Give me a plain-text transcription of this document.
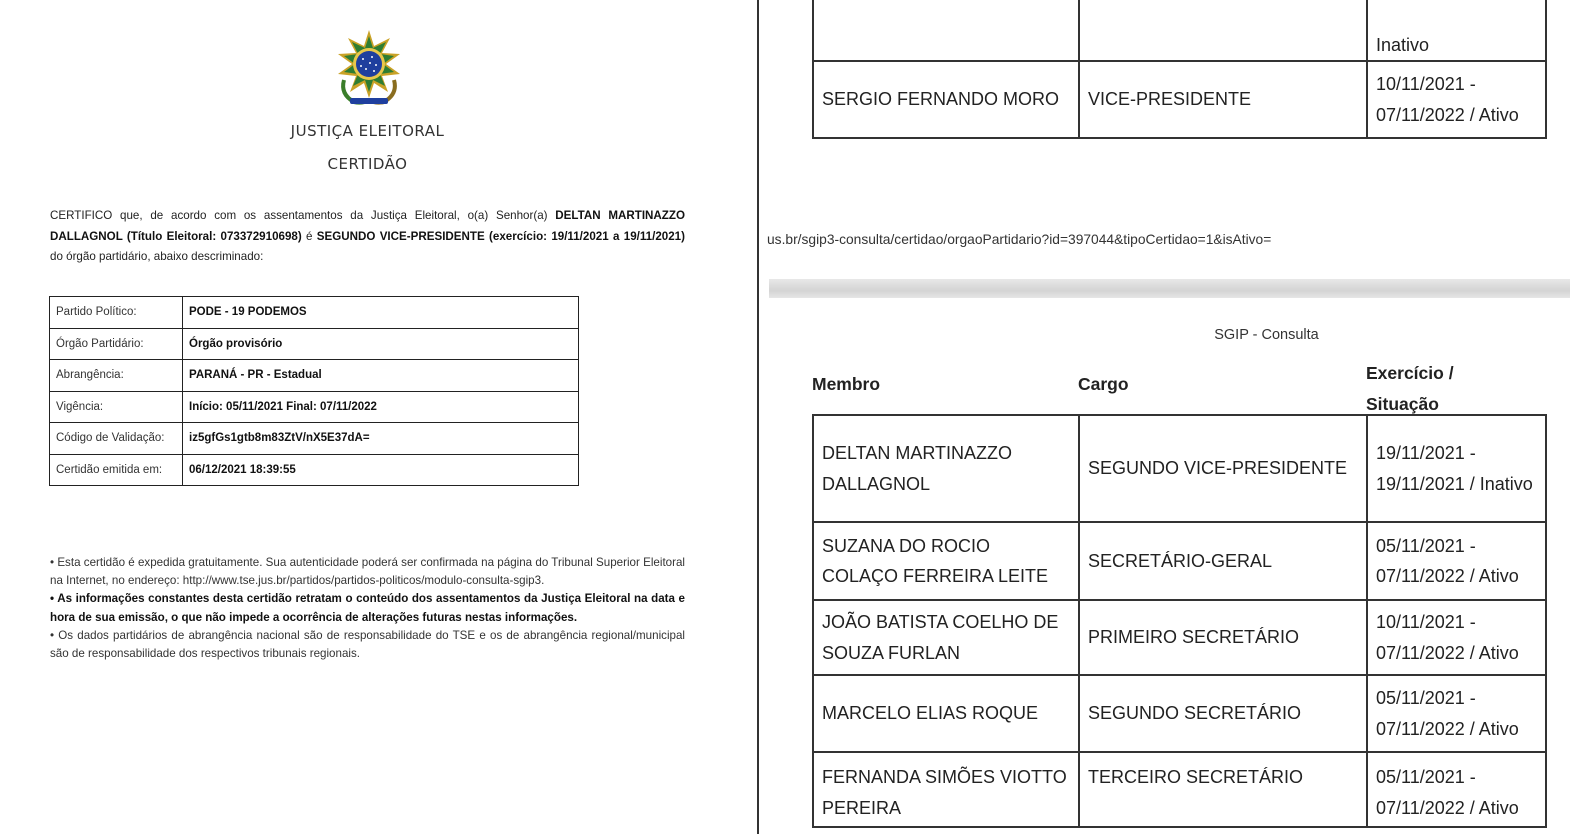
JUSTIÇA ELEITORAL
CERTIDÃO

CERTIFICO que, de acordo com os assentamentos da Justiça Eleitoral, o(a) Senhor(a) DELTAN MARTINAZZO DALLAGNOL (Título Eleitoral: 073372910698) é SEGUNDO VICE-PRESIDENTE (exercício: 19/11/2021 a 19/11/2021) do órgão partidário, abaixo descriminado:

Partido Político:	PODE - 19 PODEMOS
Órgão Partidário:	Órgão provisório
Abrangência:	PARANÁ - PR - Estadual
Vigência:	Início: 05/11/2021 Final: 07/11/2022
Código de Validação:	iz5gfGs1gtb8m83ZtV/nX5E37dA=
Certidão emitida em:	06/12/2021 18:39:55

• Esta certidão é expedida gratuitamente. Sua autenticidade poderá ser confirmada na página do Tribunal Superior Eleitoral na Internet, no endereço: http://www.tse.jus.br/partidos/partidos-politicos/modulo-consulta-sgip3.

• As informações constantes desta certidão retratam o conteúdo dos assentamentos da Justiça Eleitoral na data e hora de sua emissão, o que não impede a ocorrência de alterações futuras nestas informações.

• Os dados partidários de abrangência nacional são de responsabilidade do TSE e os de abrangência regional/municipal são de responsabilidade dos respectivos tribunais regionais.

		Inativo
SERGIO FERNANDO MORO	VICE-PRESIDENTE	10/11/2021 - 07/11/2022 / Ativo
us.br/sgip3-consulta/certidao/orgaoPartidario?id=397044&tipoCertidao=1&isAtivo=
SGIP - Consulta
Membro	Cargo
Exercício /
Situação
DELTAN MARTINAZZO DALLAGNOL	SEGUNDO VICE-PRESIDENTE	19/11/2021 - 19/11/2021 / Inativo
SUZANA DO ROCIO COLAÇO FERREIRA LEITE	SECRETÁRIO-GERAL	05/11/2021 - 07/11/2022 / Ativo
JOÃO BATISTA COELHO DE SOUZA FURLAN	PRIMEIRO SECRETÁRIO	10/11/2021 - 07/11/2022 / Ativo
MARCELO ELIAS ROQUE	SEGUNDO SECRETÁRIO	05/11/2021 - 07/11/2022 / Ativo
FERNANDA SIMÕES VIOTTO PEREIRA	TERCEIRO SECRETÁRIO	05/11/2021 - 07/11/2022 / Ativo
